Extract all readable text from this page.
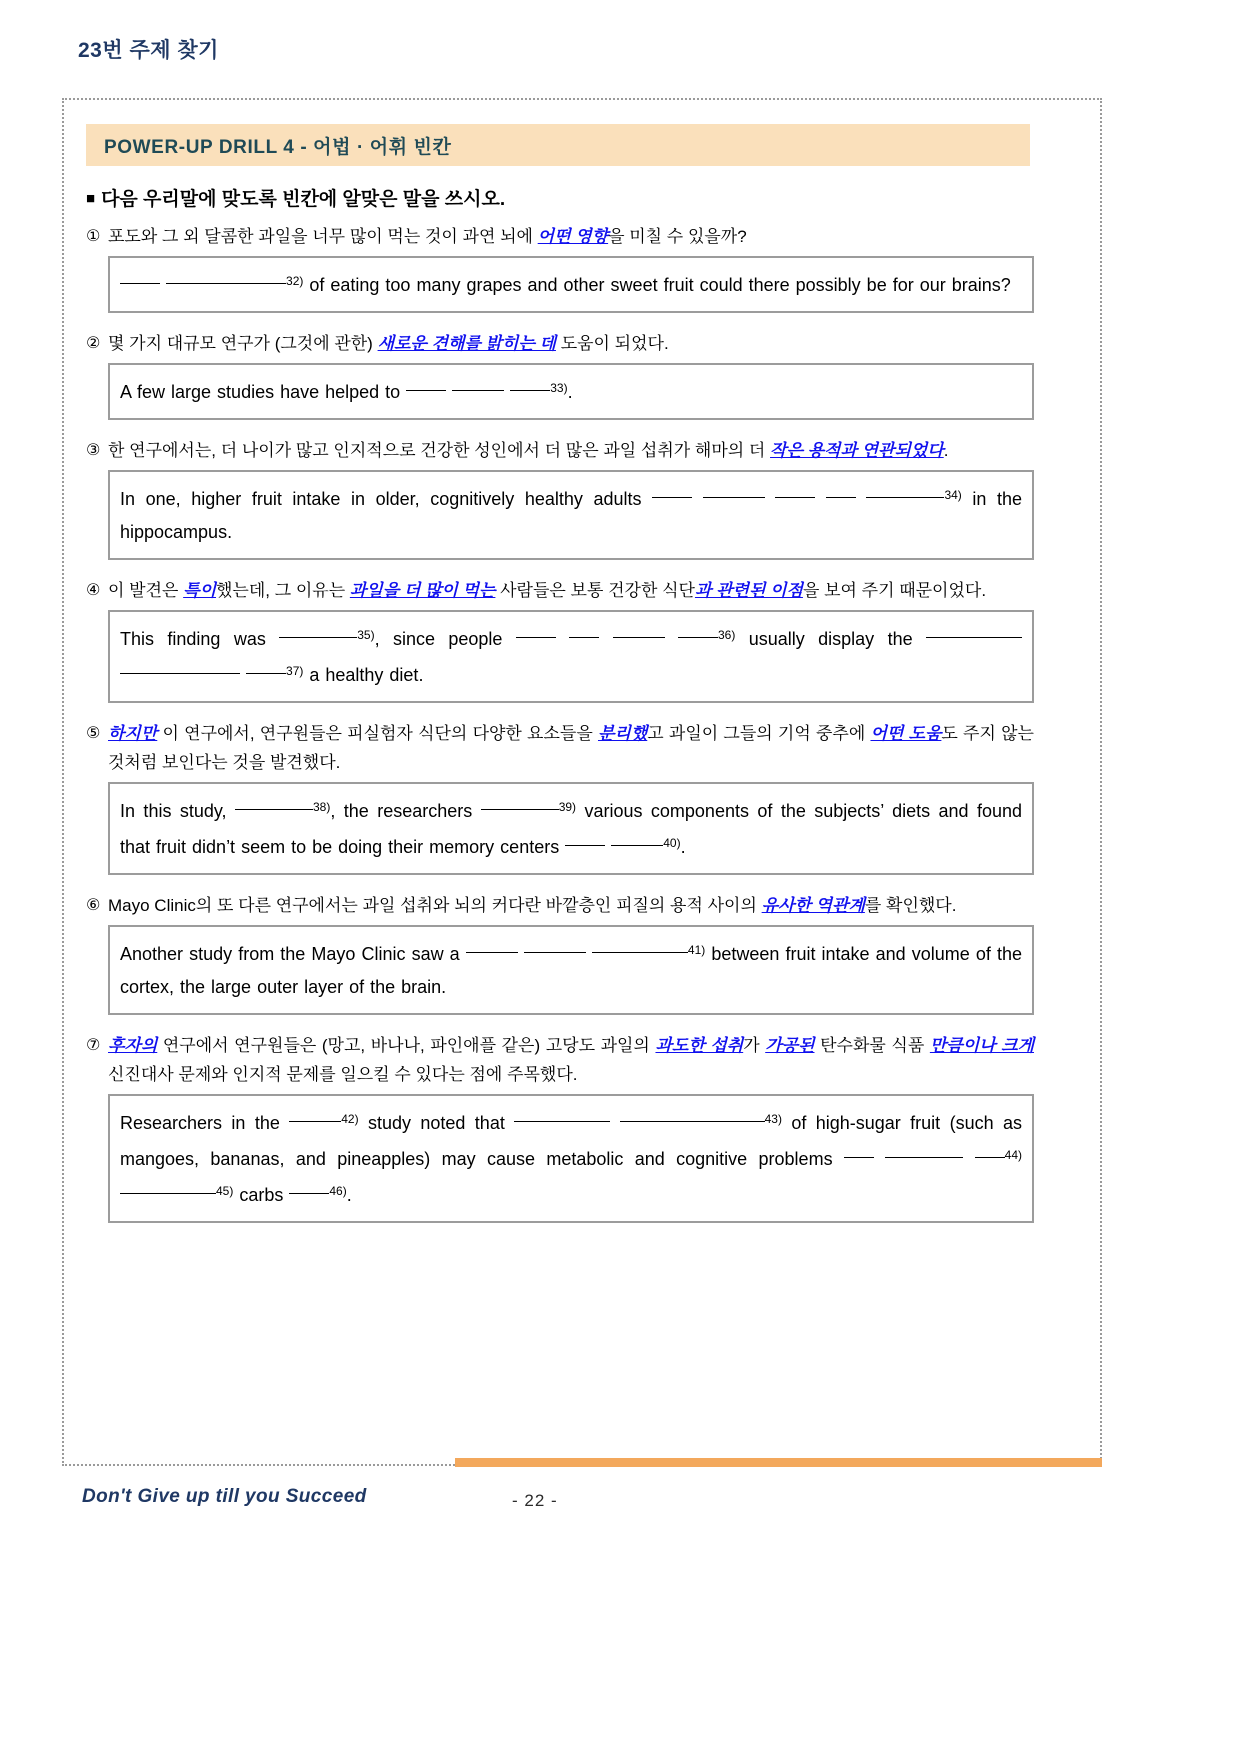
23번 주제 찾기
POWER-UP DRILL 4 - 어법 · 어휘 빈칸
■ 다음 우리말에 맞도록 빈칸에 알맞은 말을 쓰시오.
① 포도와 그 외 달콤한 과일을 너무 많이 먹는 것이 과연 뇌에 어떤 영향을 미칠 수 있을까?
$^{32)}$ of eating too many grapes and other sweet fruit could there possibly be for our brains?
② 몇 가지 대규모 연구가 (그것에 관한) 새로운 견해를 밝히는 데 도움이 되었다.
A few large studies have helped to	$^{33)}$.
③ 한 연구에서는, 더 나이가 많고 인지적으로 건강한 성인에서 더 많은 과일 섭취가 해마의 더 작은 용적과 연관되었다.
In one, higher fruit intake in older, cognitively healthy adults	$^{34)}$ in the hippocampus.
④ 이 발견은 특이했는데, 그 이유는 과일을 더 많이 먹는 사람들은 보통 건강한 식단과 관련된 이점을 보여 주기 때문이었다.
This finding was	$^{35)}$, since people	$^{36)}$ usually display the      $^{37)}$ a healthy diet.
⑤ 하지만 이 연구에서, 연구원들은 피실험자 식단의 다양한 요소들을 분리했고 과일이 그들의 기억 중추에 어떤 도움도 주지 않는 것처럼 보인다는 것을 발견했다.
In this study,	$^{38)}$, the researchers	$^{39)}$ various components of the subjects’ diets and found that fruit didn’t seem to be doing their memory centers	$^{40)}$.
⑥ Mayo Clinic의 또 다른 연구에서는 과일 섭취와 뇌의 커다란 바깥층인 피질의 용적 사이의 유사한 역관계를 확인했다.
Another study from the Mayo Clinic saw a	$^{41)}$ between fruit intake and volume of the cortex, the large outer layer of the brain.
⑦ 후자의 연구에서 연구원들은 (망고, 바나나, 파인애플 같은) 고당도 과일의 과도한 섭취가 가공된 탄수화물 식품 만큼이나 크게 신진대사 문제와 인지적 문제를 일으킬 수 있다는 점에 주목했다.
Researchers in the	$^{42)}$ study noted that	$^{43)}$ of high-sugar fruit (such as mangoes, bananas, and pineapples) may cause metabolic and cognitive problems	$^{44)}$  $^{45)}$ carbs	$^{46)}$.
Don't Give up till you Succeed	- 22 -
